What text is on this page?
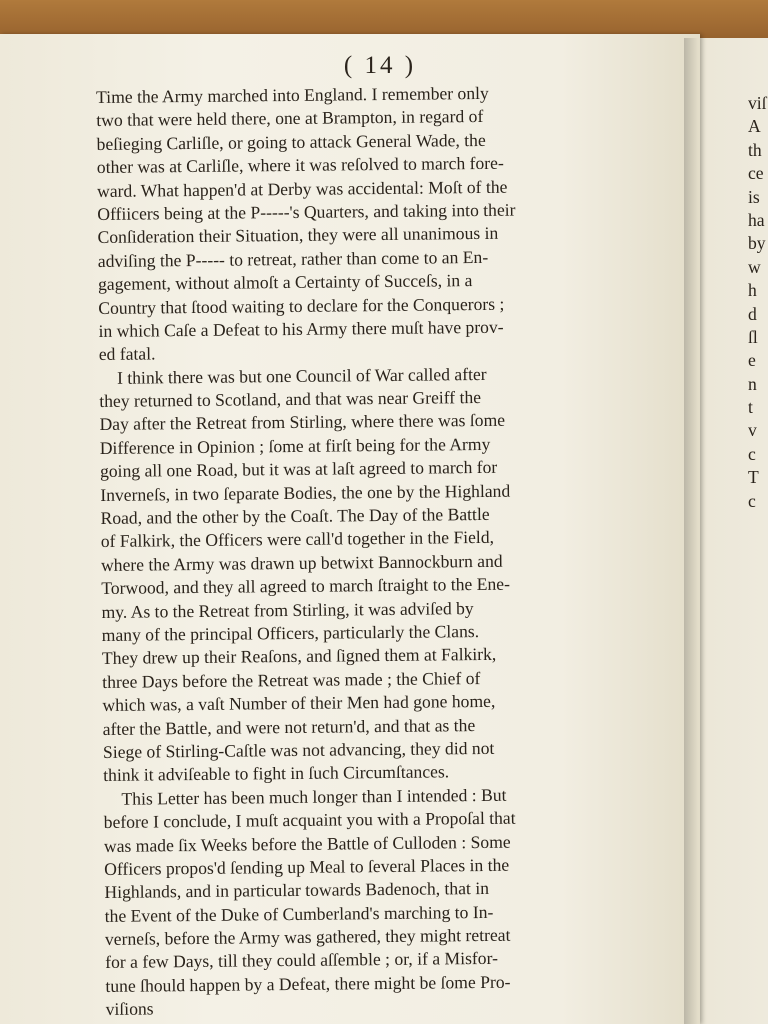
( 14 )
Time the Army marched into England. I remember only
two that were held there, one at Brampton, in regard of
beſieging Carliſle, or going to attack General Wade, the
other was at Carliſle, where it was reſolved to march fore-
ward. What happen'd at Derby was accidental: Moſt of the
Offiicers being at the P-----'s Quarters, and taking into their
Conſideration their Situation, they were all unanimous in
adviſing the P----- to retreat, rather than come to an En-
gagement, without almoſt a Certainty of Succeſs, in a
Country that ſtood waiting to declare for the Conquerors ;
in which Caſe a Defeat to his Army there muſt have prov-
ed fatal.
I think there was but one Council of War called after
they returned to Scotland, and that was near Greiff the
Day after the Retreat from Stirling, where there was ſome
Difference in Opinion ; ſome at firſt being for the Army
going all one Road, but it was at laſt agreed to march for
Inverneſs, in two ſeparate Bodies, the one by the Highland
Road, and the other by the Coaſt. The Day of the Battle
of Falkirk, the Officers were call'd together in the Field,
where the Army was drawn up betwixt Bannockburn and
Torwood, and they all agreed to march ſtraight to the Ene-
my. As to the Retreat from Stirling, it was adviſed by
many of the principal Officers, particularly the Clans.
They drew up their Reaſons, and ſigned them at Falkirk,
three Days before the Retreat was made ; the Chief of
which was, a vaſt Number of their Men had gone home,
after the Battle, and were not return'd, and that as the
Siege of Stirling-Caſtle was not advancing, they did not
think it adviſeable to fight in ſuch Circumſtances.
This Letter has been much longer than I intended : But
before I conclude, I muſt acquaint you with a Propoſal that
was made ſix Weeks before the Battle of Culloden : Some
Officers propos'd ſending up Meal to ſeveral Places in the
Highlands, and in particular towards Badenoch, that in
the Event of the Duke of Cumberland's marching to In-
verneſs, before the Army was gathered, they might retreat
for a few Days, till they could aſſemble ; or, if a Misfor-
tune ſhould happen by a Defeat, there might be ſome Pro-
viſions
viſ
A
th
ce
is
ha
by
w
h
d
ſl
e
n
t
v
c
T
c
